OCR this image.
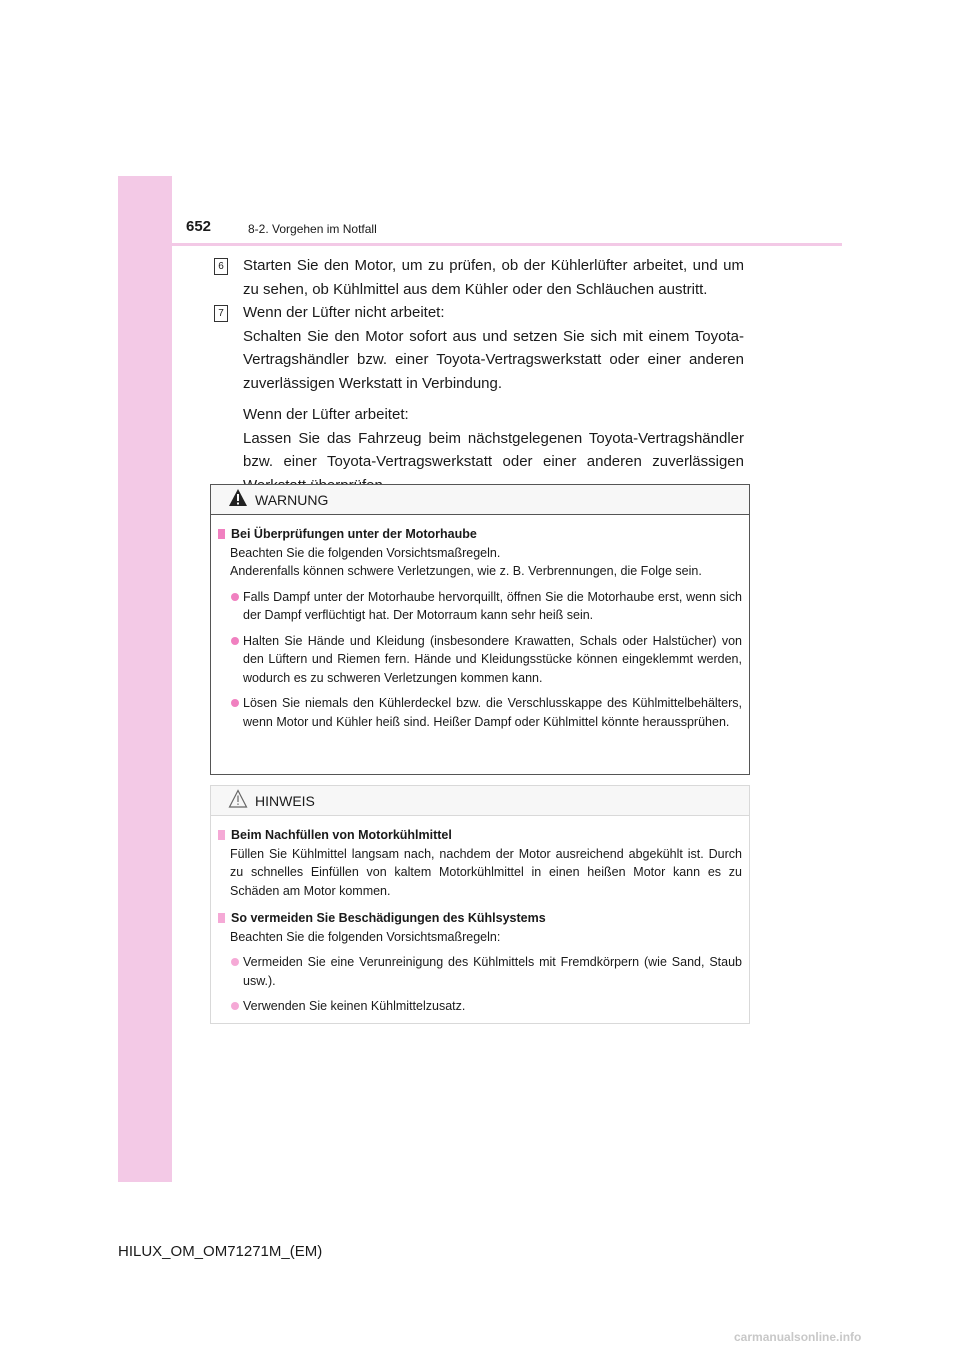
652	8-2. Vorgehen im Notfall
6 Starten Sie den Motor, um zu prüfen, ob der Kühlerlüfter arbeitet, und um zu sehen, ob Kühlmittel aus dem Kühler oder den Schläuchen austritt.

7 Wenn der Lüfter nicht arbeitet:

Schalten Sie den Motor sofort aus und setzen Sie sich mit einem Toyota-Vertragshändler bzw. einer Toyota-Vertragswerkstatt oder einer anderen zuverlässigen Werkstatt in Verbindung.

Wenn der Lüfter arbeitet:

Lassen Sie das Fahrzeug beim nächstgelegenen Toyota-Vertragshändler bzw. einer Toyota-Vertragswerkstatt oder einer anderen zuverlässigen

WARNUNG
Bei Überprüfungen unter der Motorhaube
Beachten Sie die folgenden Vorsichtsmaßregeln.
Anderenfalls können schwere Verletzungen, wie z. B. Verbrennungen, die Folge sein.
Falls Dampf unter der Motorhaube hervorquillt, öffnen Sie die Motorhaube erst, wenn sich der Dampf verflüchtigt hat. Der Motorraum kann sehr heiß sein.
Halten Sie Hände und Kleidung (insbesondere Krawatten, Schals oder Halstücher) von den Lüftern und Riemen fern. Hände und Kleidungsstücke können eingeklemmt werden, wodurch es zu schweren Verletzungen kommen kann.
Lösen Sie niemals den Kühlerdeckel bzw. die Verschlusskappe des Kühlmittelbehälters, wenn Motor und Kühler heiß sind. Heißer Dampf oder Kühlmittel könnte heraussprühen.
HINWEIS
Beim Nachfüllen von Motorkühlmittel
Füllen Sie Kühlmittel langsam nach, nachdem der Motor ausreichend abgekühlt ist. Durch zu schnelles Einfüllen von kaltem Motorkühlmittel in einen heißen Motor kann es zu Schäden am Motor kommen.
So vermeiden Sie Beschädigungen des Kühlsystems
Beachten Sie die folgenden Vorsichtsmaßregeln:
Vermeiden Sie eine Verunreinigung des Kühlmittels mit Fremdkörpern (wie Sand, Staub usw.).
Verwenden Sie keinen Kühlmittelzusatz.
HILUX_OM_OM71271M_(EM)
carmanualsonline.info
